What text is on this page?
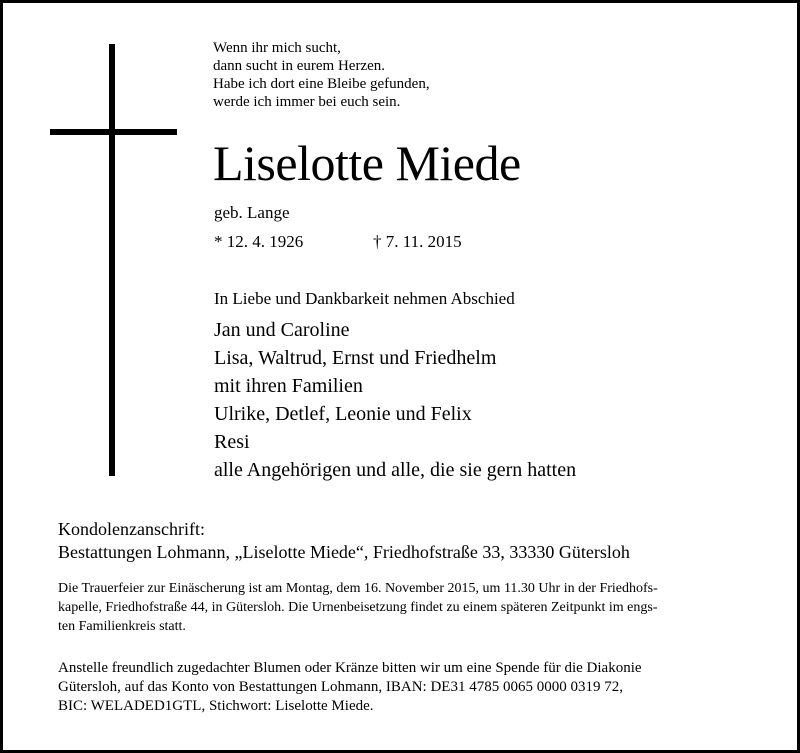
Wenn ihr mich sucht,
dann sucht in eurem Herzen.
Habe ich dort eine Bleibe gefunden,
werde ich immer bei euch sein.

Liselotte Miede
geb. Lange
* 12. 4. 1926	† 7. 11. 2015
In Liebe und Dankbarkeit nehmen Abschied
Jan und Caroline
Lisa, Waltrud, Ernst und Friedhelm
mit ihren Familien
Ulrike, Detlef, Leonie und Felix
Resi
alle Angehörigen und alle, die sie gern hatten
Kondolenzanschrift:
Bestattungen Lohmann, „Liselotte Miede“, Friedhofstraße 33, 33330 Gütersloh

Die Trauerfeier zur Einäscherung ist am Montag, dem 16. November 2015, um 11.30 Uhr in der Friedhofs-
kapelle, Friedhofstraße 44, in Gütersloh. Die Urnenbeisetzung findet zu einem späteren Zeitpunkt im engs-
ten Familienkreis statt.

Anstelle freundlich zugedachter Blumen oder Kränze bitten wir um eine Spende für die Diakonie
Gütersloh, auf das Konto von Bestattungen Lohmann, IBAN: DE31 4785 0065 0000 0319 72,
BIC: WELADED1GTL, Stichwort: Liselotte Miede.
